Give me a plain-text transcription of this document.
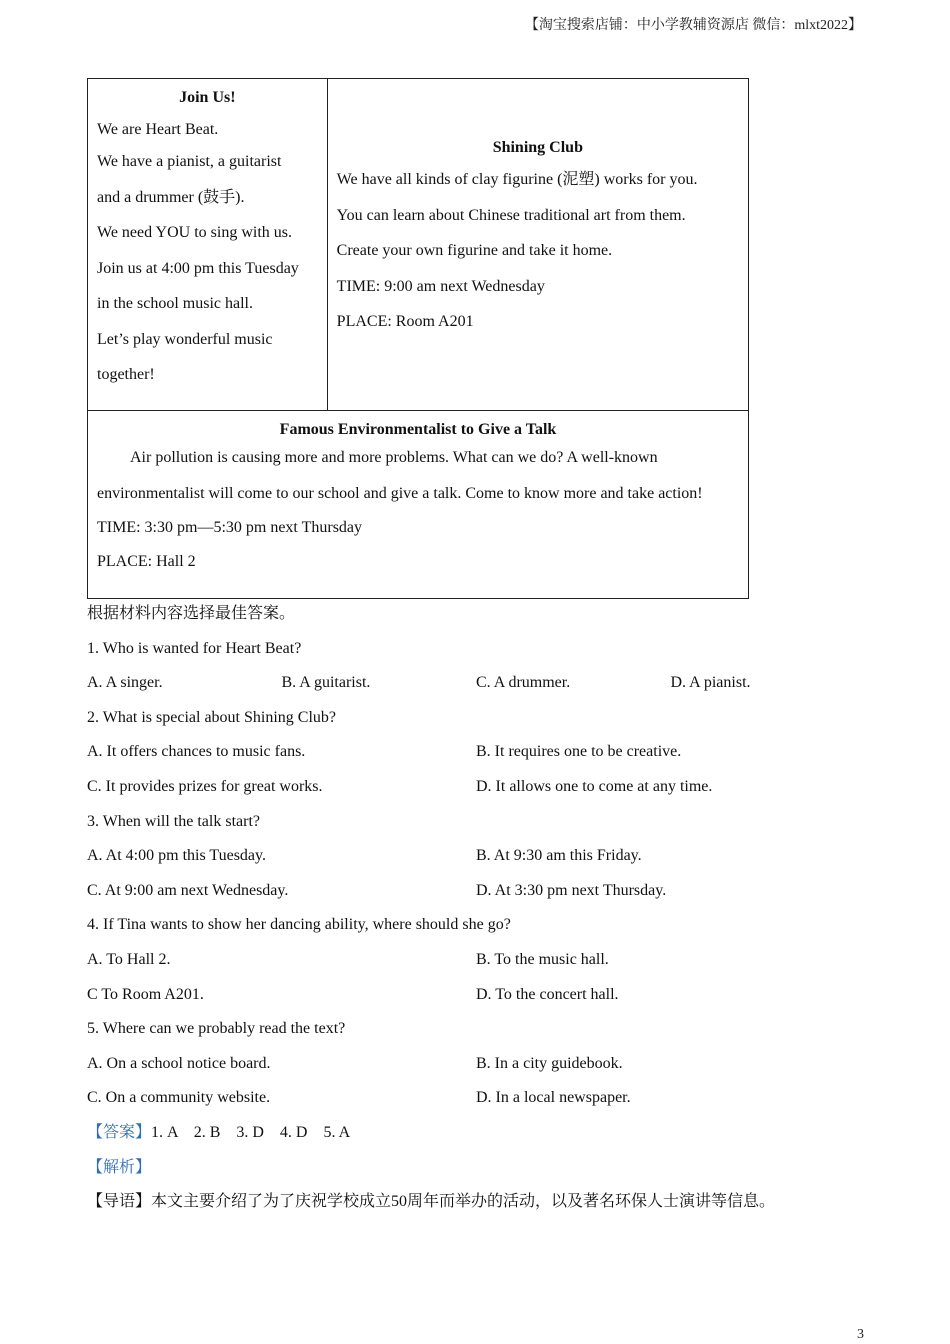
【淘宝搜索店铺：中小学教辅资源店 微信：mlxt2022】
Join Us!
We are Heart Beat.
We have a pianist, a guitarist
and a drummer (鼓手).
We need YOU to sing with us.
Join us at 4:00 pm this Tuesday
in the school music hall.
Let’s play wonderful music
together!

Shining Club
We have all kinds of clay figurine (泥塑) works for you.
You can learn about Chinese traditional art from them.
Create your own figurine and take it home.
TIME: 9:00 am next Wednesday
PLACE: Room A201

Famous Environmentalist to Give a Talk
Air pollution is causing more and more problems. What can we do? A well-known
environmentalist will come to our school and give a talk. Come to know more and take action!
TIME: 3:30 pm—5:30 pm next Thursday
PLACE: Hall 2
根据材料内容选择最佳答案。
1. Who is wanted for Heart Beat?
A. A singer.	B. A guitarist.	C. A drummer.	D. A pianist.
2. What is special about Shining Club?
A. It offers chances to music fans.	B. It requires one to be creative.
C. It provides prizes for great works.	D. It allows one to come at any time.
3. When will the talk start?
A. At 4:00 pm this Tuesday.	B. At 9:30 am this Friday.
C. At 9:00 am next Wednesday.	D. At 3:30 pm next Thursday.
4. If Tina wants to show her dancing ability, where should she go?
A. To Hall 2.	B. To the music hall.
C To Room A201.	D. To the concert hall.
5. Where can we probably read the text?
A. On a school notice board.	B. In a city guidebook.
C. On a community website.	D. In a local newspaper.
【答案】1. A    2. B    3. D    4. D    5. A
【解析】
【导语】本文主要介绍了为了庆祝学校成立50周年而举办的活动，以及著名环保人士演讲等信息。
3
